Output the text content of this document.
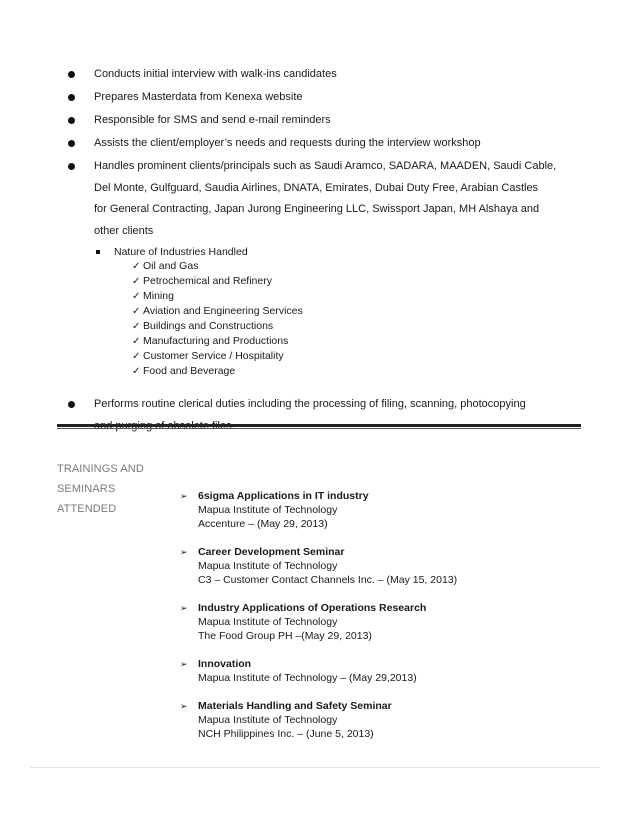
Conducts initial interview with walk-ins candidates
Prepares Masterdata from Kenexa website
Responsible for SMS and send e-mail reminders
Assists the client/employer’s needs and requests during the interview workshop
Handles prominent clients/principals such as Saudi Aramco, SADARA, MAADEN, Saudi Cable,
Del Monte, Gulfguard, Saudia Airlines, DNATA, Emirates, Dubai Duty Free, Arabian Castles
for General Contracting, Japan Jurong Engineering LLC, Swissport Japan, MH Alshaya and
other clients
Nature of Industries Handled
✓ Oil and Gas
✓ Petrochemical and Refinery
✓ Mining
✓ Aviation and Engineering Services
✓ Buildings and Constructions
✓ Manufacturing and Productions
✓ Customer Service / Hospitality
✓ Food and Beverage
Performs routine clerical duties including the processing of filing, scanning, photocopying
TRAININGS AND
SEMINARS
ATTENDED
➢ 6sigma Applications in IT industry
Mapua Institute of Technology
Accenture – (May 29, 2013)
➢ Career Development Seminar
Mapua Institute of Technology
C3 – Customer Contact Channels Inc. – (May 15, 2013)
➢ Industry Applications of Operations Research
Mapua Institute of Technology
The Food Group PH –(May 29, 2013)
➢ Innovation
Mapua Institute of Technology – (May 29,2013)
➢ Materials Handling and Safety Seminar
Mapua Institute of Technology
NCH Philippines Inc. – (June 5, 2013)
